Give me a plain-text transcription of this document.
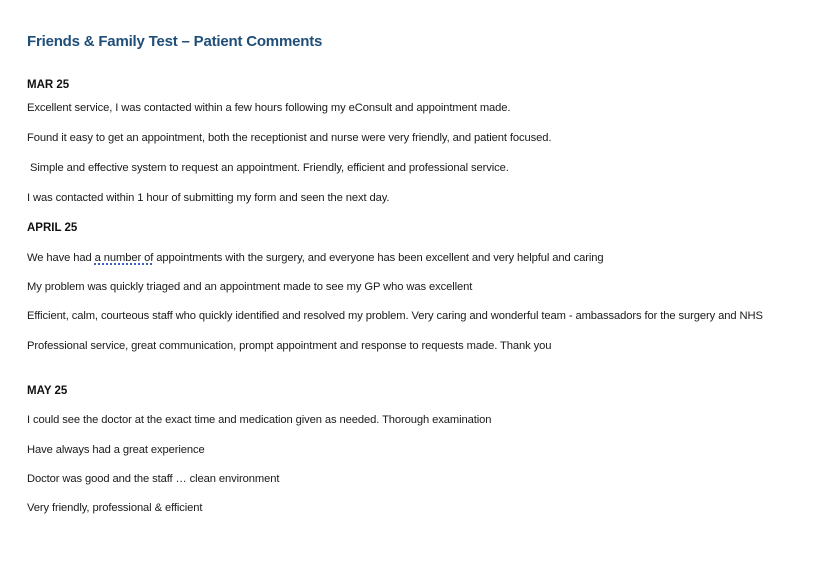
Friends & Family Test – Patient Comments
MAR 25
Excellent service, I was contacted within a few hours following my eConsult and appointment made.
Found it easy to get an appointment, both the receptionist and nurse were very friendly, and patient focused.
Simple and effective system to request an appointment. Friendly, efficient and professional service.
I was contacted within 1 hour of submitting my form and seen the next day.
APRIL 25
We have had a number of appointments with the surgery, and everyone has been excellent and very helpful and caring
My problem was quickly triaged and an appointment made to see my GP who was excellent
Efficient, calm, courteous staff who quickly identified and resolved my problem. Very caring and wonderful team - ambassadors for the surgery and NHS
Professional service, great communication, prompt appointment and response to requests made. Thank you
MAY 25
I could see the doctor at the exact time and medication given as needed. Thorough examination
Have always had a great experience
Doctor was good and the staff … clean environment
Very friendly, professional & efficient
